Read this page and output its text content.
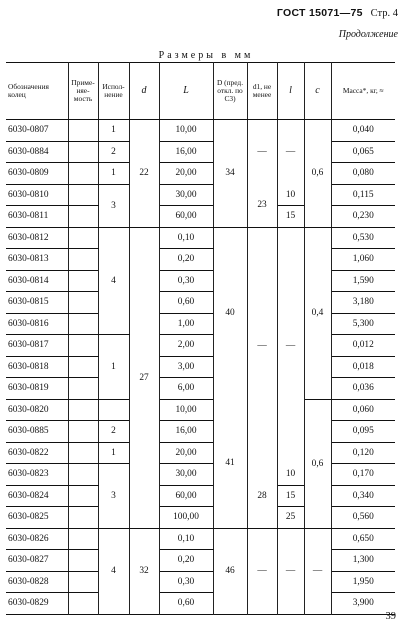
ГОСТ 15071—75 Стр. 4
Продолжение
Размеры в мм
Обозначения колец	Приме-няе-мость	Испол-нение	d	L	D (пред. откл. по C3)	d1, не менее	l	c	Масса*, кг, ≈
6030-0807		1	22	10,00	34	—	—	0,6	0,040
6030-0884		2		16,00					0,065
6030-0809		1		20,00					0,080
6030-0810		3		30,00		23	10		0,115
6030-0811				60,00			15		0,230
6030-0812		4	27	0,10	40	—	—	0,4	0,530
6030-0813				0,20					1,060
6030-0814				0,30					1,590
6030-0815				0,60					3,180
6030-0816				1,00					5,300
6030-0817		1		2,00					0,012
6030-0818				3,00					0,018
6030-0819				6,00					0,036
6030-0820				10,00	41			0,6	0,060
6030-0885		2		16,00					0,095
6030-0822		1		20,00					0,120
6030-0823		3		30,00		28	10		0,170
6030-0824				60,00			15		0,340
6030-0825				100,00			25		0,560
6030-0826		4	32	0,10	46	—	—	—	0,650
6030-0827				0,20					1,300
6030-0828				0,30					1,950
6030-0829				0,60					3,900
39
